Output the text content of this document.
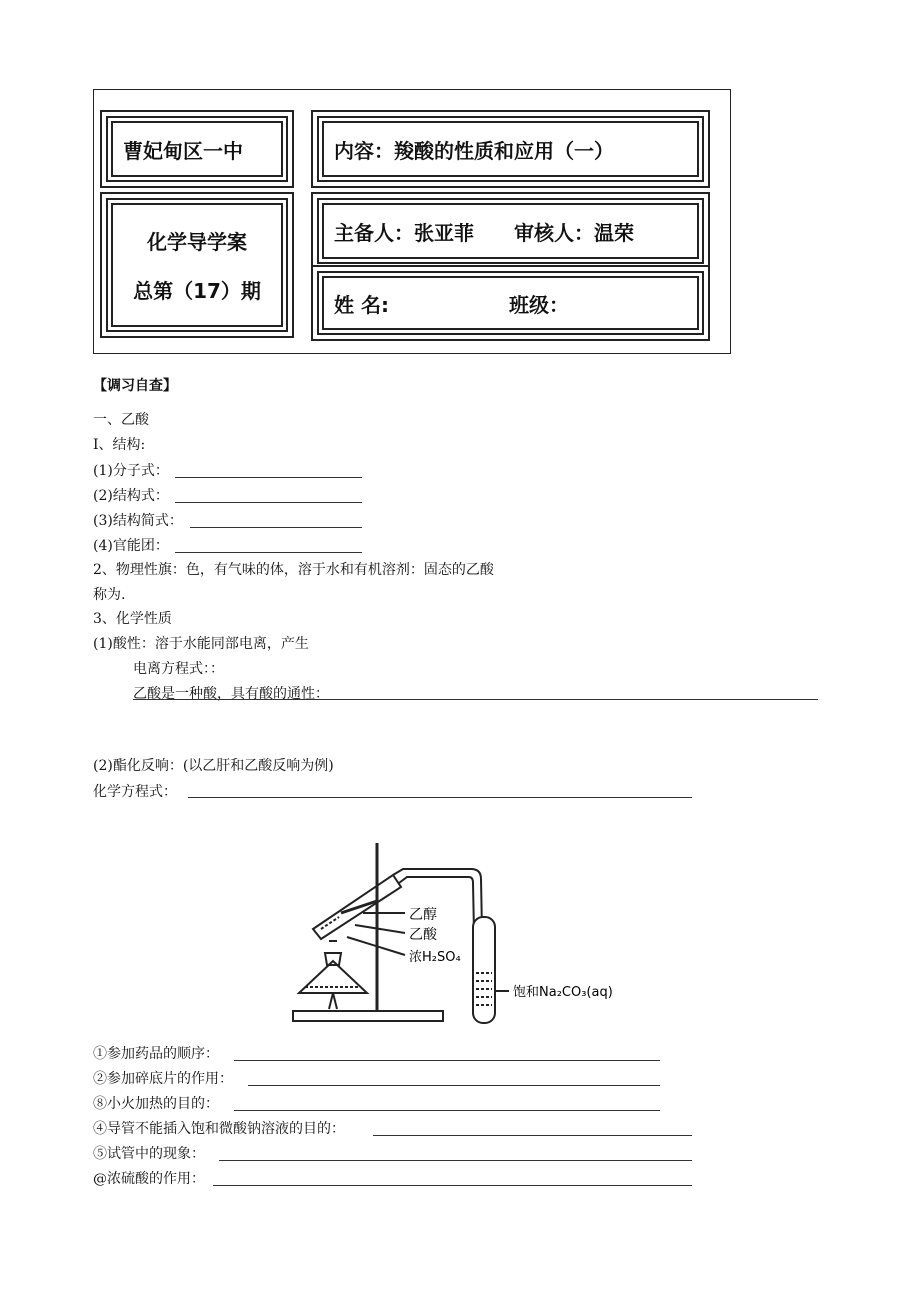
曹妃甸区一中	内容：羧酸的性质和应用（一）
化学导学案
总第（17）期
主备人：张亚菲 审核人：温荣
姓 名:	班级：
【调习自查】
一、乙酸
I、结构:
(1)分子式：
(2)结构式：
(3)结构简式：
(4)官能团：
2、物理性旗：色，有气味的体，溶于水和有机溶剂：固态的乙酸
称为.
3、化学性质
(1)酸性：溶于水能同部电离，产生
电离方程式：：
乙酸是一种酸，具有酸的通性：
(2)酯化反响：(以乙肝和乙酸反响为例)
化学方程式：
乙醇
乙酸
浓H₂SO₄
饱和Na₂CO₃(aq)
①参加药品的顺序：
②参加碎底片的作用：
⑧小火加热的目的：
④导管不能插入饱和微酸钠溶液的目的：
⑤试管中的现象：
@浓硫酸的作用：
